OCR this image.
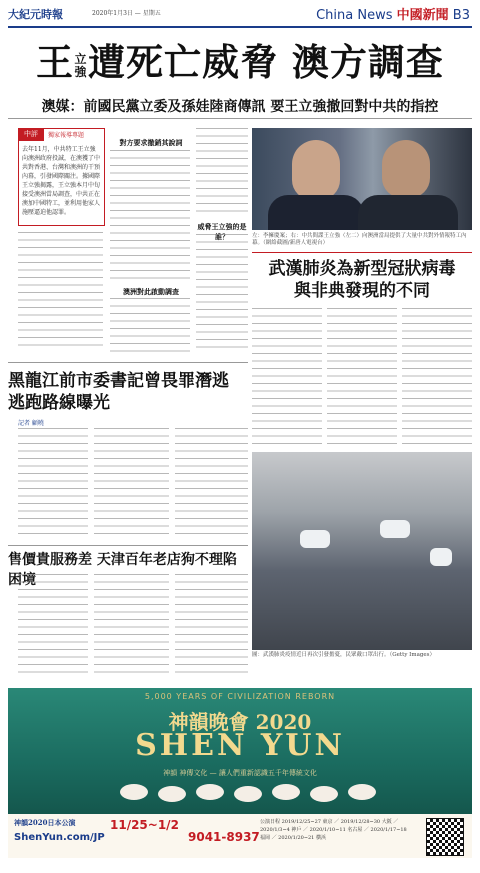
大紀元時報	2020年1月3日 — 星期五	China News 中國新聞 B3
王立
強遭死亡威脅 澳方調查
澳媒：前國民黨立委及孫娃陸商傳訊 要王立強撤回對中共的指控
中評	獨家報導專題
去年11月，中共特工王立強向澳洲政府投誠，在澳獲了中共對香港、台灣和澳洲的干預內幕，引發國際關注。據國際王立強揭露，王立強本月中旬接受澳洲當局調查，中共正在澳加中國特工，並利用他家人施壓逼迫他認罪。
對方要求撤銷其說詞
澳洲對此啟動調查
威脅王立強的是誰？	左：李擁慶案；右：中共間諜王立強（左二）向澳洲當局提供了大量中共對外情報特工內幕。（網絡截圖/新唐人電視台）
武漢肺炎為新型冠狀病毒
與非典發現的不同
黑龍江前市委書記曾畏罪潛逃
逃跑路線曝光
記者 顧曉
圖：武漢肺炎疫情近日再次引發擔憂，民眾戴口罩出行。（Getty Images）
售價貴服務差 天津百年老店狗不理陷困境
5,000 YEARS OF CIVILIZATION REBORN
神韻晚會 2020
SHEN YUN
神韻 神傳文化 — 讓人們重新認識五千年傳統文化
神韻2020日本公演
ShenYun.com/JP
11/25~1/2
9041-8937
公演日程 2019/12/25~27 東京 ／ 2019/12/28~30 大阪 ／ 2020/1/3~4 神戶 ／ 2020/1/10~11 名古屋 ／ 2020/1/17~18 福岡 ／ 2020/1/20~21 横浜
